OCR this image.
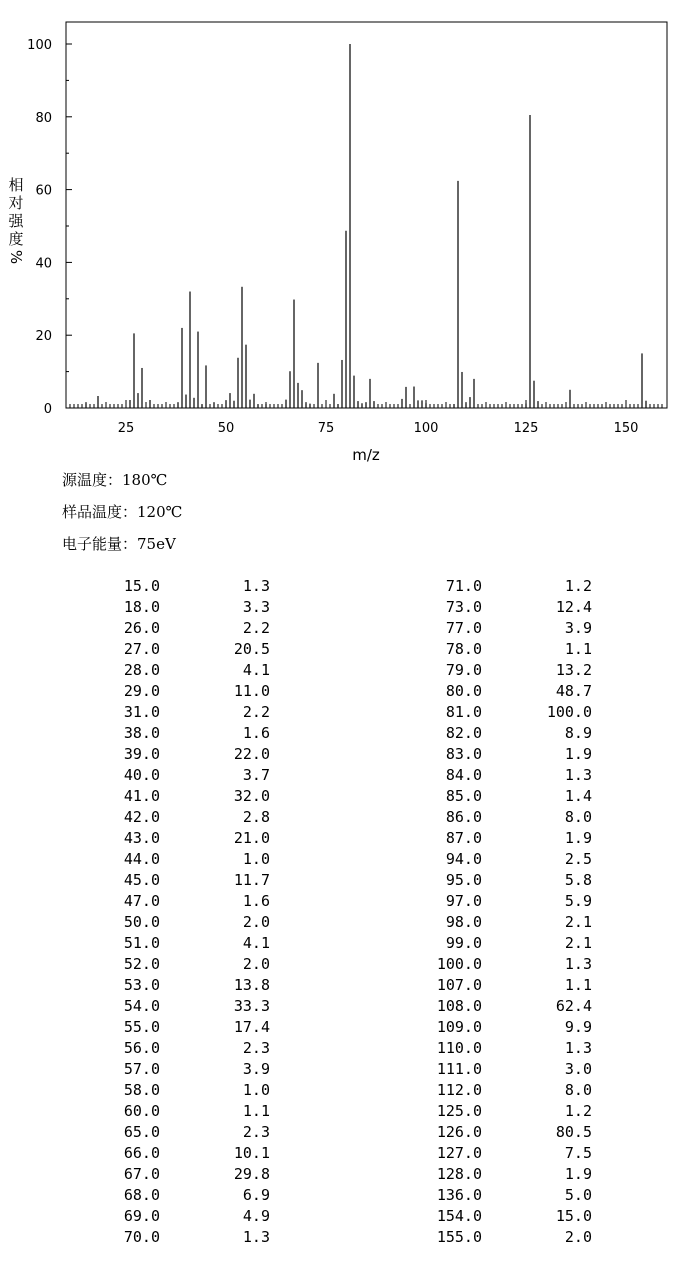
25	50	75	100	125	150
0
20
40
60
80
100
m/z
相
对
强
度
%
源温度：180℃
样品温度：120℃
电子能量：75eV
15.0	1.3
18.0	3.3
26.0	2.2
27.0	20.5
28.0	4.1
29.0	11.0
31.0	2.2
38.0	1.6
39.0	22.0
40.0	3.7
41.0	32.0
42.0	2.8
43.0	21.0
44.0	1.0
45.0	11.7
47.0	1.6
50.0	2.0
51.0	4.1
52.0	2.0
53.0	13.8
54.0	33.3
55.0	17.4
56.0	2.3
57.0	3.9
58.0	1.0
60.0	1.1
65.0	2.3
66.0	10.1
67.0	29.8
68.0	6.9
69.0	4.9
70.0	1.3
71.0	1.2
73.0	12.4
77.0	3.9
78.0	1.1
79.0	13.2
80.0	48.7
81.0	100.0
82.0	8.9
83.0	1.9
84.0	1.3
85.0	1.4
86.0	8.0
87.0	1.9
94.0	2.5
95.0	5.8
97.0	5.9
98.0	2.1
99.0	2.1
100.0	1.3
107.0	1.1
108.0	62.4
109.0	9.9
110.0	1.3
111.0	3.0
112.0	8.0
125.0	1.2
126.0	80.5
127.0	7.5
128.0	1.9
136.0	5.0
154.0	15.0
155.0	2.0
